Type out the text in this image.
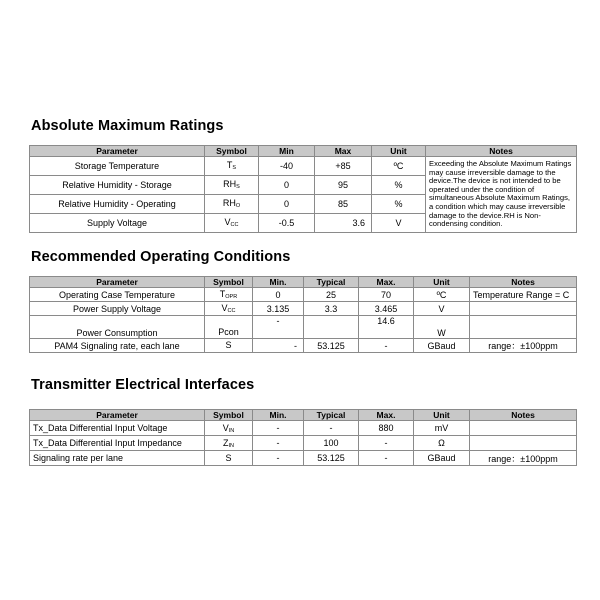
Absolute Maximum Ratings
Parameter	Symbol	Min	Max	Unit	Notes
Storage Temperature	$T_S$	-40	+85	ºC	Exceeding the Absolute Maximum Ratings may cause irreversible damage to the device.The device is not intended to be operated under the condition of simultaneous Absolute Maximum Ratings, a condition which may cause irreversible damage to the device.RH is Non-condensing condition.
Relative Humidity - Storage	$RH_S$	0	95	%	
Relative Humidity - Operating	$RH_O$	0	85	%	
Supply Voltage	$V_{CC}$	-0.5	3.6	V	
Recommended Operating Conditions
Parameter	Symbol	Min.	Typical	Max.	Unit	Notes
Operating Case Temperature	$T_{OPR}$	0	25	70	ºC	Temperature Range = C
Power Supply Voltage	$V_{CC}$	3.135	3.3	3.465	V	
Power Consumption	Pcon	-		14.6	W	
PAM4 Signaling rate, each lane	S	-	53.125	-	GBaud	range：±100ppm
Transmitter Electrical Interfaces
Parameter	Symbol	Min.	Typical	Max.	Unit	Notes
Tx_Data Differential Input Voltage	$V_{IN}$	-	-	880	mV	
Tx_Data Differential Input Impedance	$Z_{IN}$	-	100	-	Ω	
Signaling rate per lane	S	-	53.125	-	GBaud	range：±100ppm
